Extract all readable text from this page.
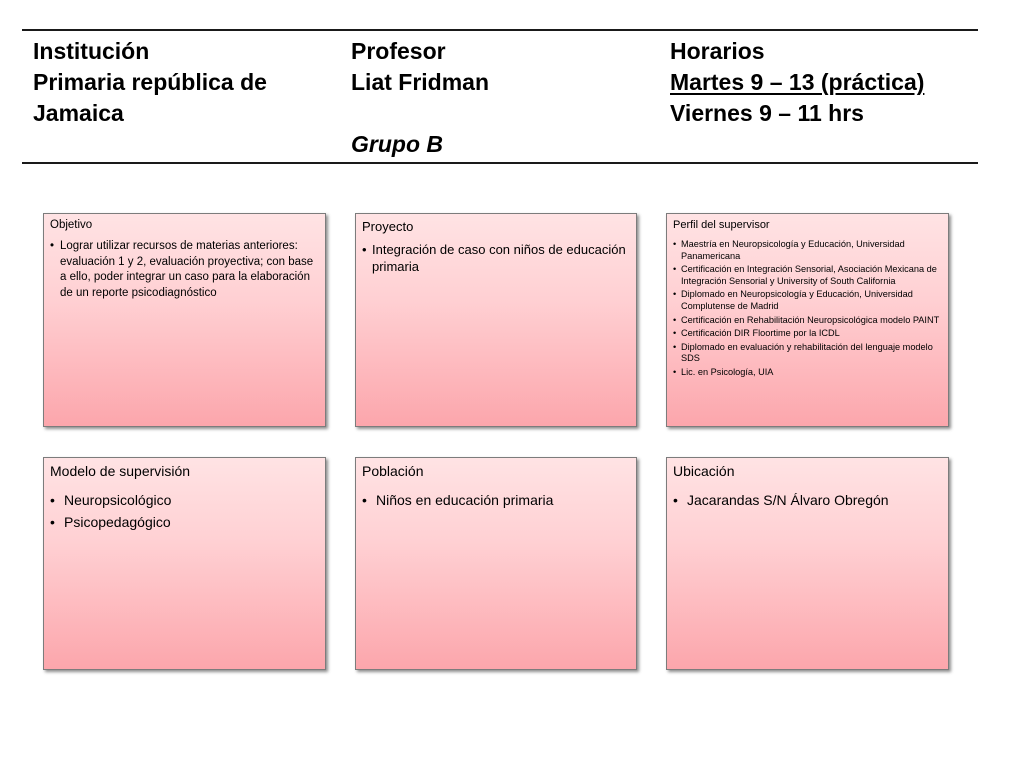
Institución
Primaria república de
Jamaica
Profesor
Liat Fridman
Grupo B
Horarios
Martes 9 – 13 (práctica)
Viernes 9 – 11 hrs
Objetivo
• Lograr utilizar recursos de materias anteriores: evaluación 1 y 2, evaluación proyectiva; con base a ello, poder integrar un caso para la elaboración de un reporte psicodiagnóstico
Proyecto
• Integración de caso con niños de educación primaria
Perfil del supervisor
• Maestría en Neuropsicología y Educación, Universidad Panamericana
• Certificación en Integración Sensorial, Asociación Mexicana de Integración Sensorial y University of South California
• Diplomado en Neuropsicología y Educación, Universidad Complutense de Madrid
• Certificación en Rehabilitación Neuropsicológica modelo PAINT
• Certificación DIR Floortime por la ICDL
• Diplomado en evaluación y rehabilitación del lenguaje modelo SDS
• Lic. en Psicología, UIA
Modelo de supervisión
• Neuropsicológico
• Psicopedagógico
Población
• Niños en educación primaria
Ubicación
• Jacarandas S/N Álvaro Obregón
